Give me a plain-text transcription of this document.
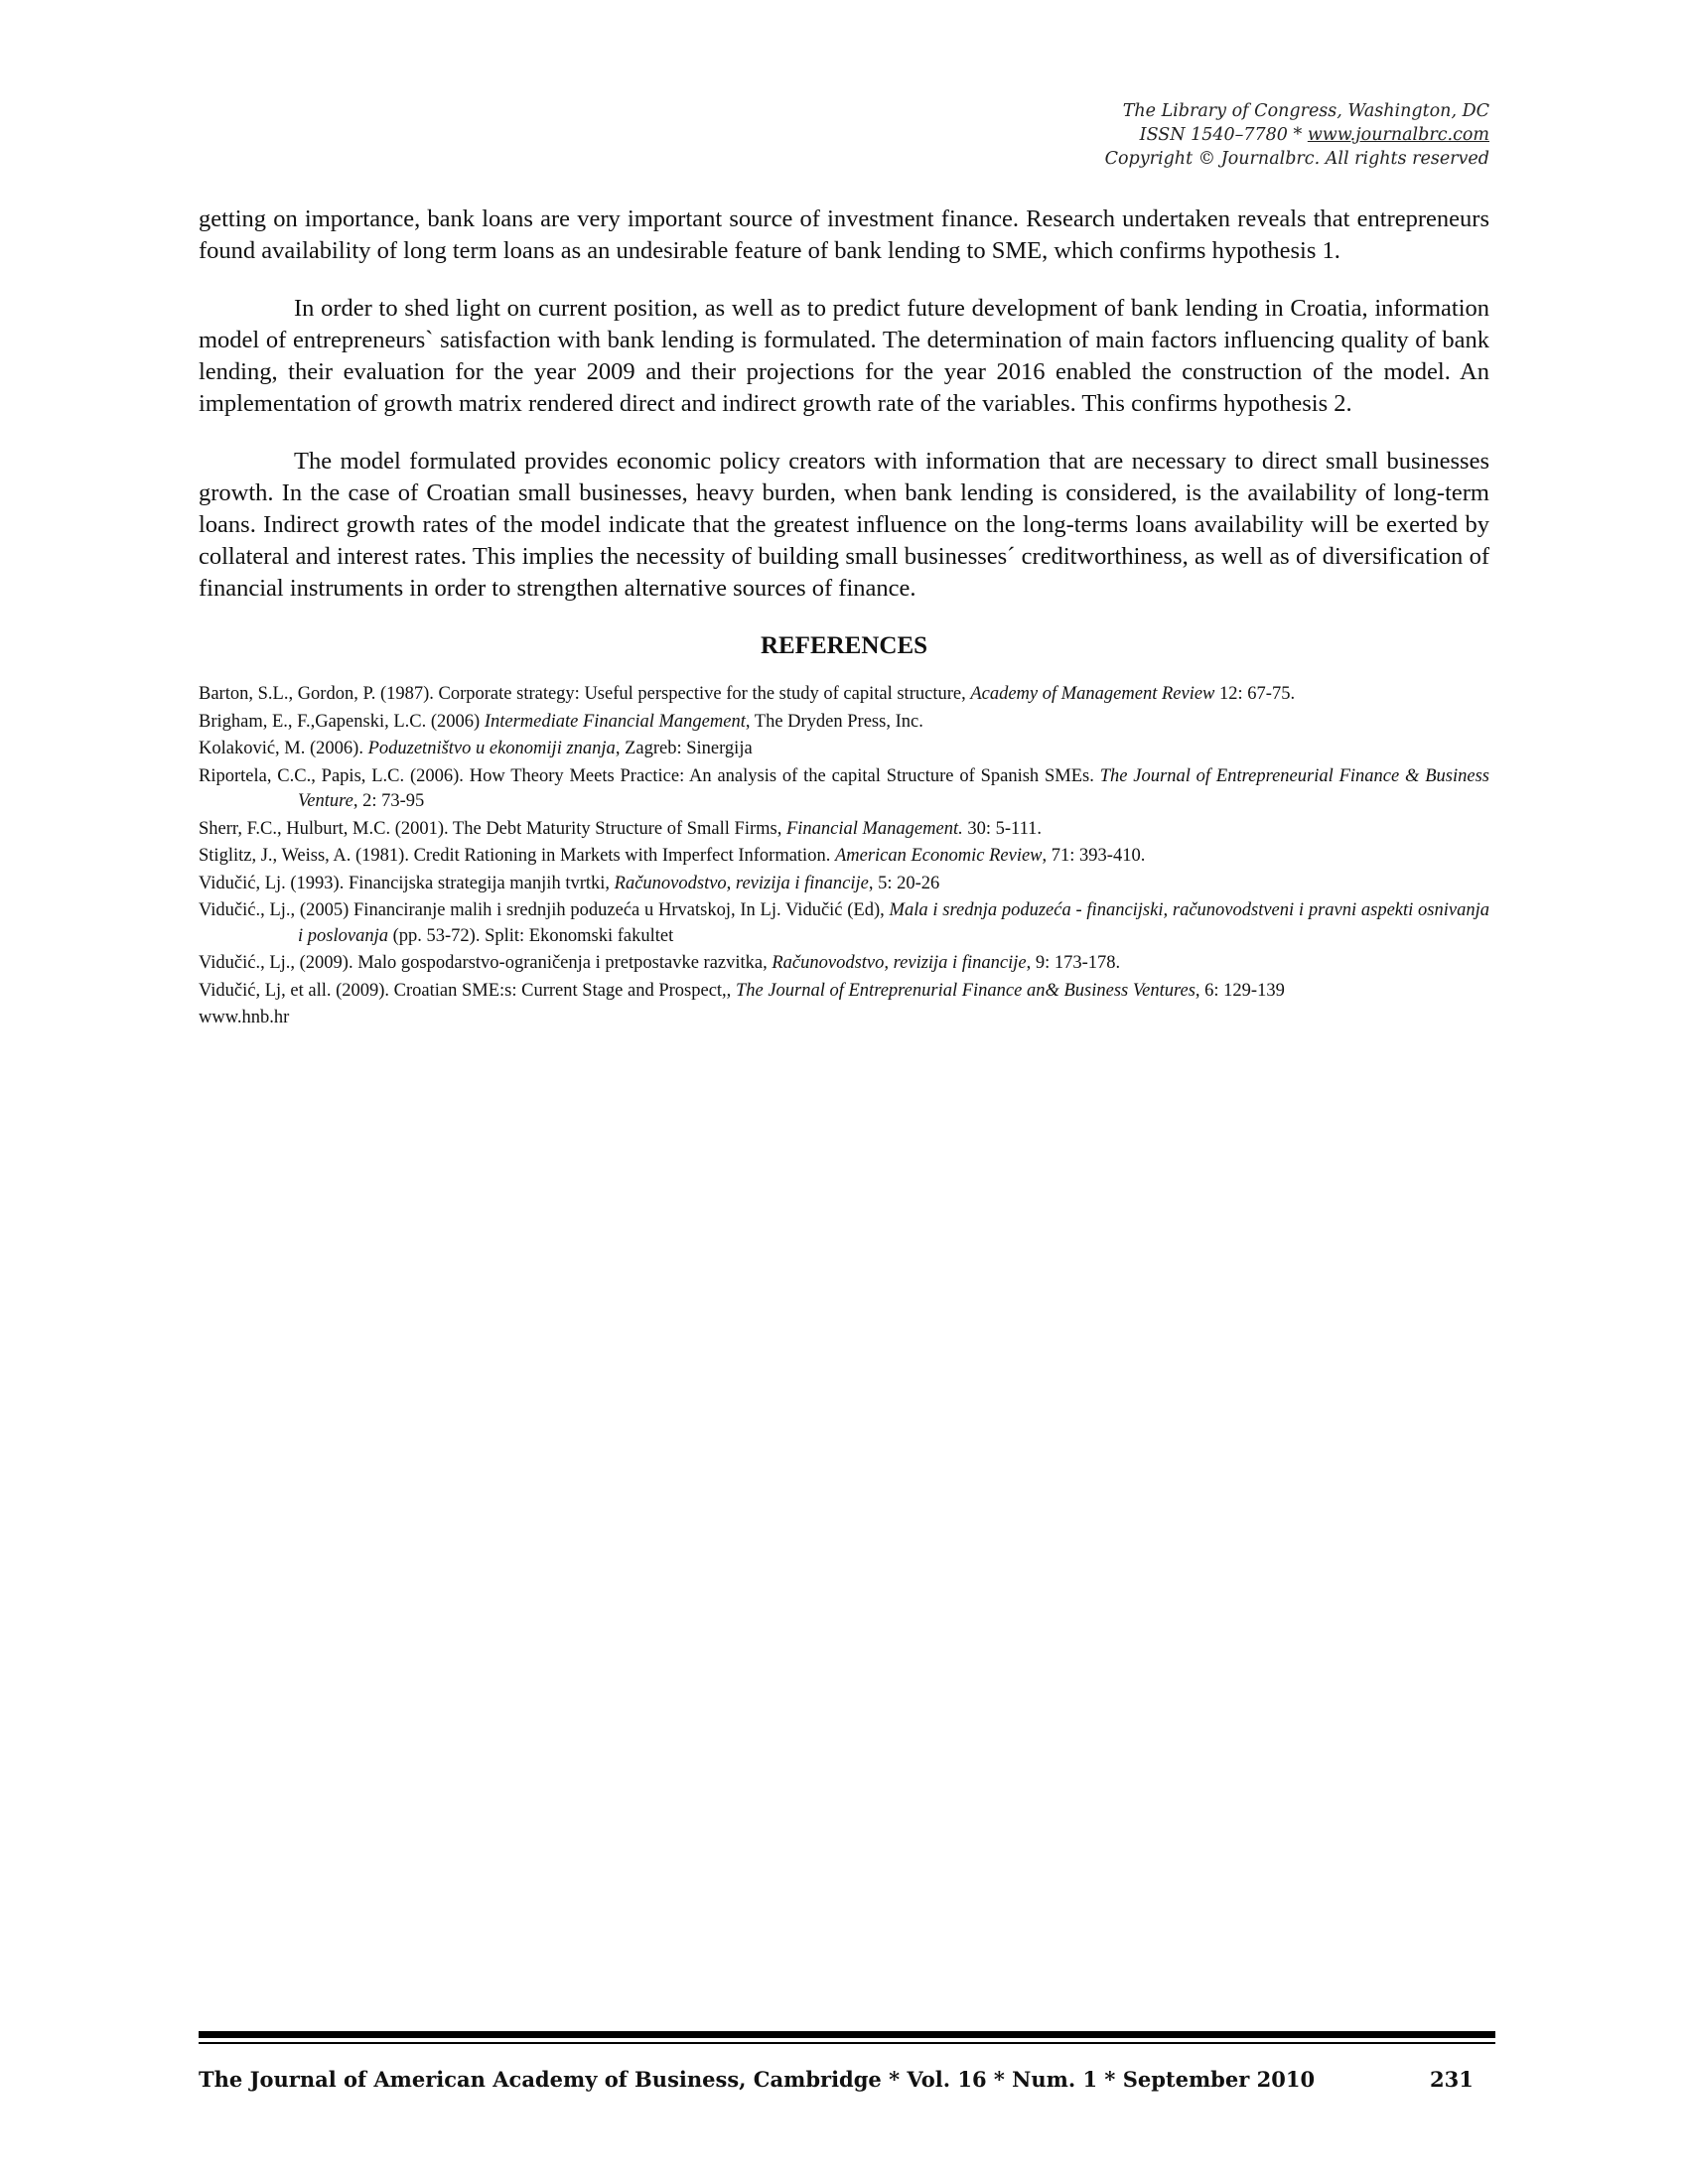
The Library of Congress, Washington, DC
ISSN 1540–7780 * www.journalbrc.com
Copyright © Journalbrc. All rights reserved

getting on importance, bank loans are very important source of investment finance. Research undertaken reveals that entrepreneurs found availability of long term loans as an undesirable feature of bank lending to SME, which confirms hypothesis 1.

In order to shed light on current position, as well as to predict future development of bank lending in Croatia, information model of entrepreneurs` satisfaction with bank lending is formulated. The determination of main factors influencing quality of bank lending, their evaluation for the year 2009 and their projections for the year 2016 enabled the construction of the model. An implementation of growth matrix rendered direct and indirect growth rate of the variables. This confirms hypothesis 2.

The model formulated provides economic policy creators with information that are necessary to direct small businesses growth. In the case of Croatian small businesses, heavy burden, when bank lending is considered, is the availability of long-term loans. Indirect growth rates of the model indicate that the greatest influence on the long-terms loans availability will be exerted by collateral and interest rates. This implies the necessity of building small businesses´ creditworthiness, as well as of diversification of financial instruments in order to strengthen alternative sources of finance.

REFERENCES
Barton, S.L., Gordon, P. (1987). Corporate strategy: Useful perspective for the study of capital structure, Academy of Management Review 12: 67-75.
Brigham, E., F.,Gapenski, L.C. (2006) Intermediate Financial Mangement, The Dryden Press, Inc.
Kolaković, M. (2006). Poduzetništvo u ekonomiji znanja, Zagreb: Sinergija
Riportela, C.C., Papis, L.C. (2006). How Theory Meets Practice: An analysis of the capital Structure of Spanish SMEs. The Journal of Entrepreneurial Finance & Business Venture, 2: 73-95
Sherr, F.C., Hulburt, M.C. (2001). The Debt Maturity Structure of Small Firms, Financial Management. 30: 5-111.
Stiglitz, J., Weiss, A. (1981). Credit Rationing in Markets with Imperfect Information. American Economic Review, 71: 393-410.
Vidučić, Lj. (1993). Financijska strategija manjih tvrtki, Računovodstvo, revizija i financije, 5: 20-26
Vidučić., Lj., (2005) Financiranje malih i srednjih poduzeća u Hrvatskoj, In Lj. Vidučić (Ed), Mala i srednja poduzeća - financijski, računovodstveni i pravni aspekti osnivanja i poslovanja (pp. 53-72). Split: Ekonomski fakultet
Vidučić., Lj., (2009). Malo gospodarstvo-ograničenja i pretpostavke razvitka, Računovodstvo, revizija i financije, 9: 173-178.
Vidučić, Lj, et all. (2009). Croatian SME:s: Current Stage and Prospect,, The Journal of Entreprenurial Finance an& Business Ventures, 6: 129-139
www.hnb.hr
The Journal of American Academy of Business, Cambridge * Vol. 16 * Num. 1 * September 2010	231
